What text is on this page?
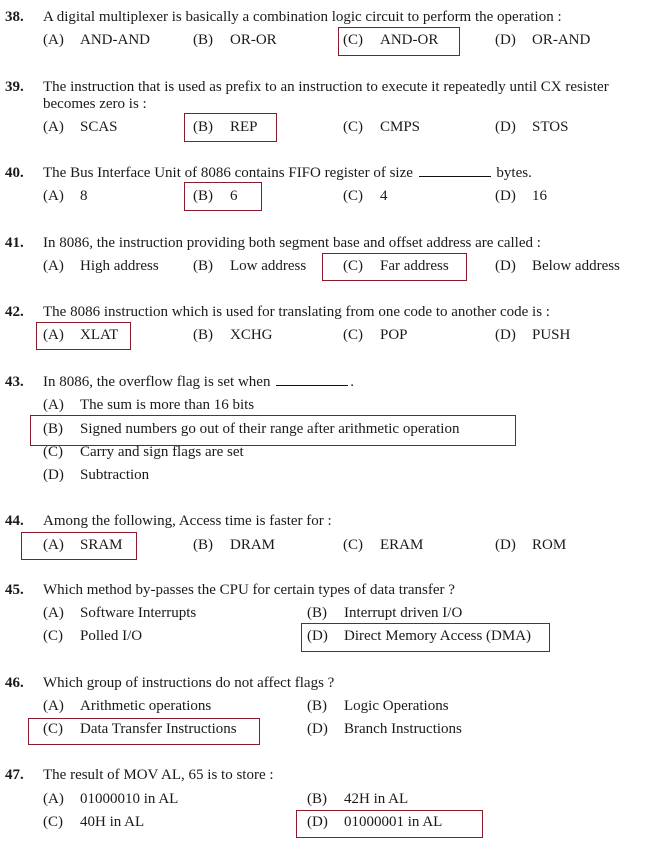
38. A digital multiplexer is basically a combination logic circuit to perform the operation :
(A) AND-AND	(B) OR-OR	(C) AND-OR	(D) OR-AND
39. The instruction that is used as prefix to an instruction to execute it repeatedly until CX resister
becomes zero is :
(A) SCAS	(B) REP	(C) CMPS	(D) STOS
40. The Bus Interface Unit of 8086 contains FIFO register of size	bytes.
(A) 8	(B) 6	(C) 4	(D) 16
41. In 8086, the instruction providing both segment base and offset address are called :
(A) High address (B) Low address (C) Far address	(D) Below address
42. The 8086 instruction which is used for translating from one code to another code is :
(A) XLAT	(B) XCHG	(C) POP	(D) PUSH
43. In 8086, the overflow flag is set when	.
(A) The sum is more than 16 bits
(B) Signed numbers go out of their range after arithmetic operation
(C) Carry and sign flags are set
(D) Subtraction
44. Among the following, Access time is faster for :
(A) SRAM	(B) DRAM	(C) ERAM	(D) ROM
45. Which method by-passes the CPU for certain types of data transfer ?
(A) Software Interrupts	(B) Interrupt driven I/O
(C) Polled I/O	(D) Direct Memory Access (DMA)
46. Which group of instructions do not affect flags ?
(A) Arithmetic operations	(B) Logic Operations
(C) Data Transfer Instructions	(D) Branch Instructions
47. The result of MOV AL, 65 is to store :
(A) 01000010 in AL	(B) 42H in AL
(C) 40H in AL	(D) 01000001 in AL
